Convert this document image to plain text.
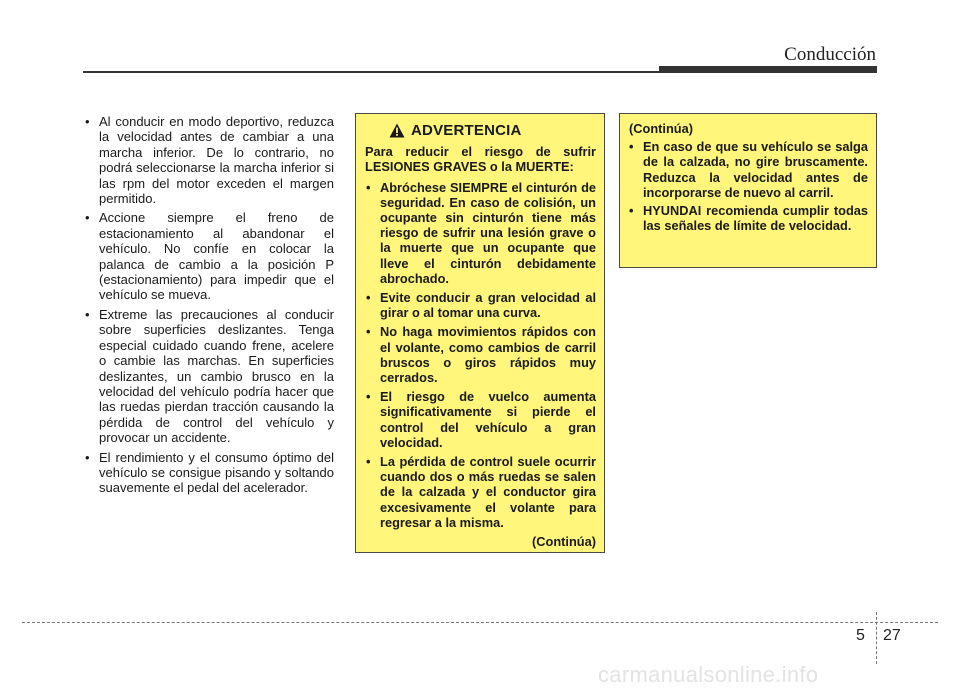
Conducción
• Al conducir en modo deportivo, reduzca la velocidad antes de cambiar a una marcha inferior. De lo contrario, no podrá seleccionarse la marcha inferior si las rpm del motor exceden el margen permitido.
• Accione siempre el freno de estacionamiento al abandonar el vehículo. No confíe en colocar la palanca de cambio a la posición P (estacionamiento) para impedir que el vehículo se mueva.
• Extreme las precauciones al conducir sobre superficies deslizantes. Tenga especial cuidado cuando frene, acelere o cambie las marchas. En superficies deslizantes, un cambio brusco en la velocidad del vehículo podría hacer que las ruedas pierdan tracción causando la pérdida de control del vehículo y provocar un accidente.
• El rendimiento y el consumo óptimo del vehículo se consigue pisando y soltando suavemente el pedal del acelerador.
ADVERTENCIA

Para reducir el riesgo de sufrir LESIONES GRAVES o la MUERTE:

• Abróchese SIEMPRE el cinturón de seguridad. En caso de colisión, un ocupante sin cinturón tiene más riesgo de sufrir una lesión grave o la muerte que un ocupante que lleve el cinturón debidamente abrochado.
• Evite conducir a gran velocidad al girar o al tomar una curva.
• No haga movimientos rápidos con el volante, como cambios de carril bruscos o giros rápidos muy cerrados.
• El riesgo de vuelco aumenta significativamente si pierde el control del vehículo a gran velocidad.
• La pérdida de control suele ocurrir cuando dos o más ruedas se salen de la calzada y el conductor gira excesivamente el volante para regresar a la misma.
(Continúa)
(Continúa)
• En caso de que su vehículo se salga de la calzada, no gire bruscamente. Reduzca la velocidad antes de incorporarse de nuevo al carril.
• HYUNDAI recomienda cumplir todas las señales de límite de velocidad.
5 27
carmanualsonline.info
